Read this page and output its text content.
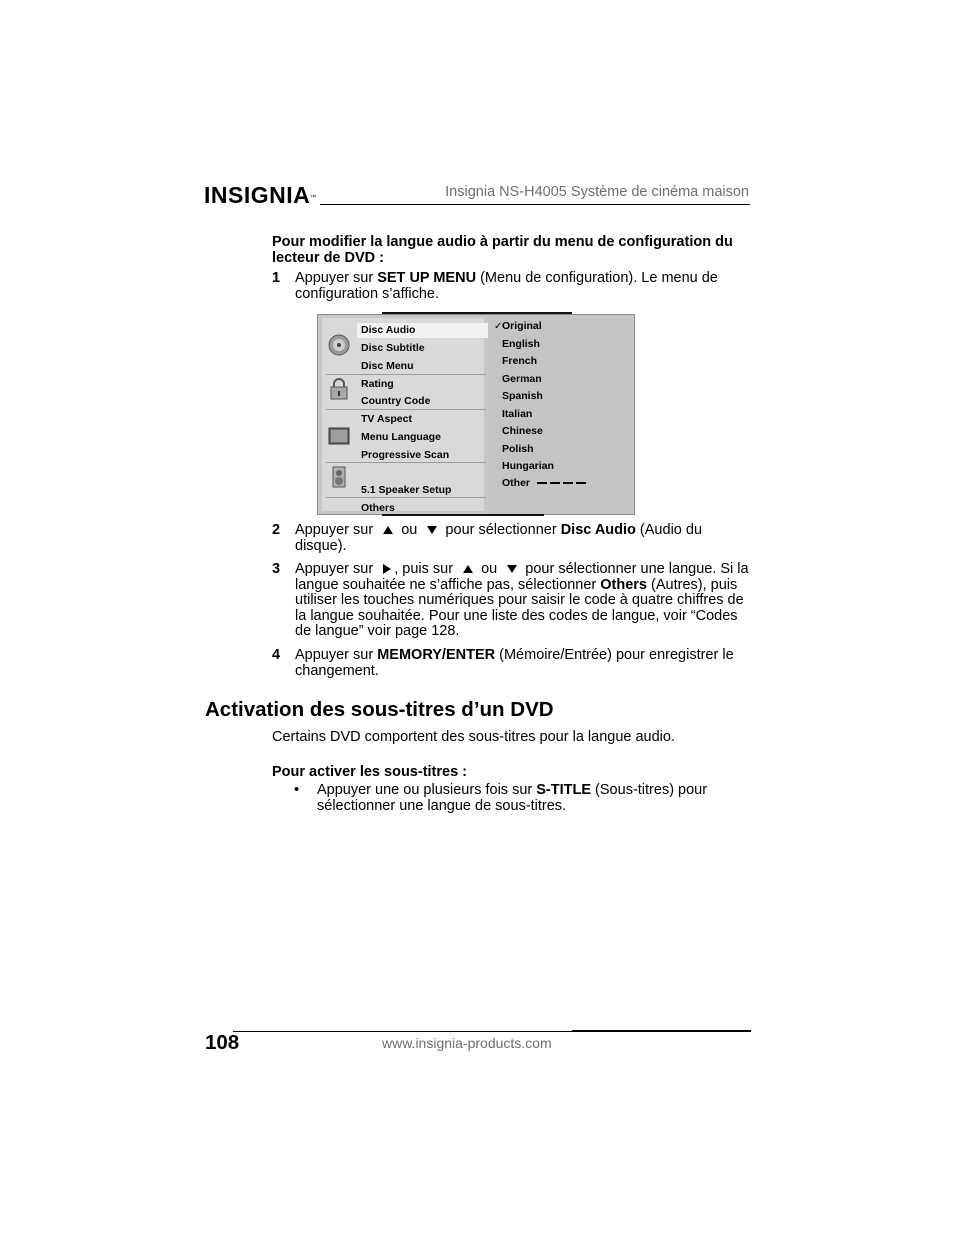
INSIGNIA™	Insignia NS-H4005 Système de cinéma maison
Pour modifier la langue audio à partir du menu de configuration du lecteur de DVD :
1 Appuyer sur SET UP MENU (Menu de configuration). Le menu de configuration s’affiche.
Disc Audio
Disc Subtitle
Disc Menu
Rating
Country Code
TV Aspect
Menu Language
Progressive Scan
5.1 Speaker Setup
Others
✓ Original
English
French
German
Spanish
Italian
Chinese
Polish
Hungarian
Other
2 Appuyer sur  ou  pour sélectionner Disc Audio (Audio du disque).
3 Appuyer sur , puis sur  ou  pour sélectionner une langue. Si la langue souhaitée ne s’affiche pas, sélectionner Others (Autres), puis utiliser les touches numériques pour saisir le code à quatre chiffres de la langue souhaitée. Pour une liste des codes de langue, voir “Codes de langue” voir page 128.
4 Appuyer sur MEMORY/ENTER (Mémoire/Entrée) pour enregistrer le changement.
Activation des sous-titres d’un DVD
Certains DVD comportent des sous-titres pour la langue audio.
Pour activer les sous-titres :
• Appuyer une ou plusieurs fois sur S-TITLE (Sous-titres) pour sélectionner une langue de sous-titres.
108	www.insignia-products.com
